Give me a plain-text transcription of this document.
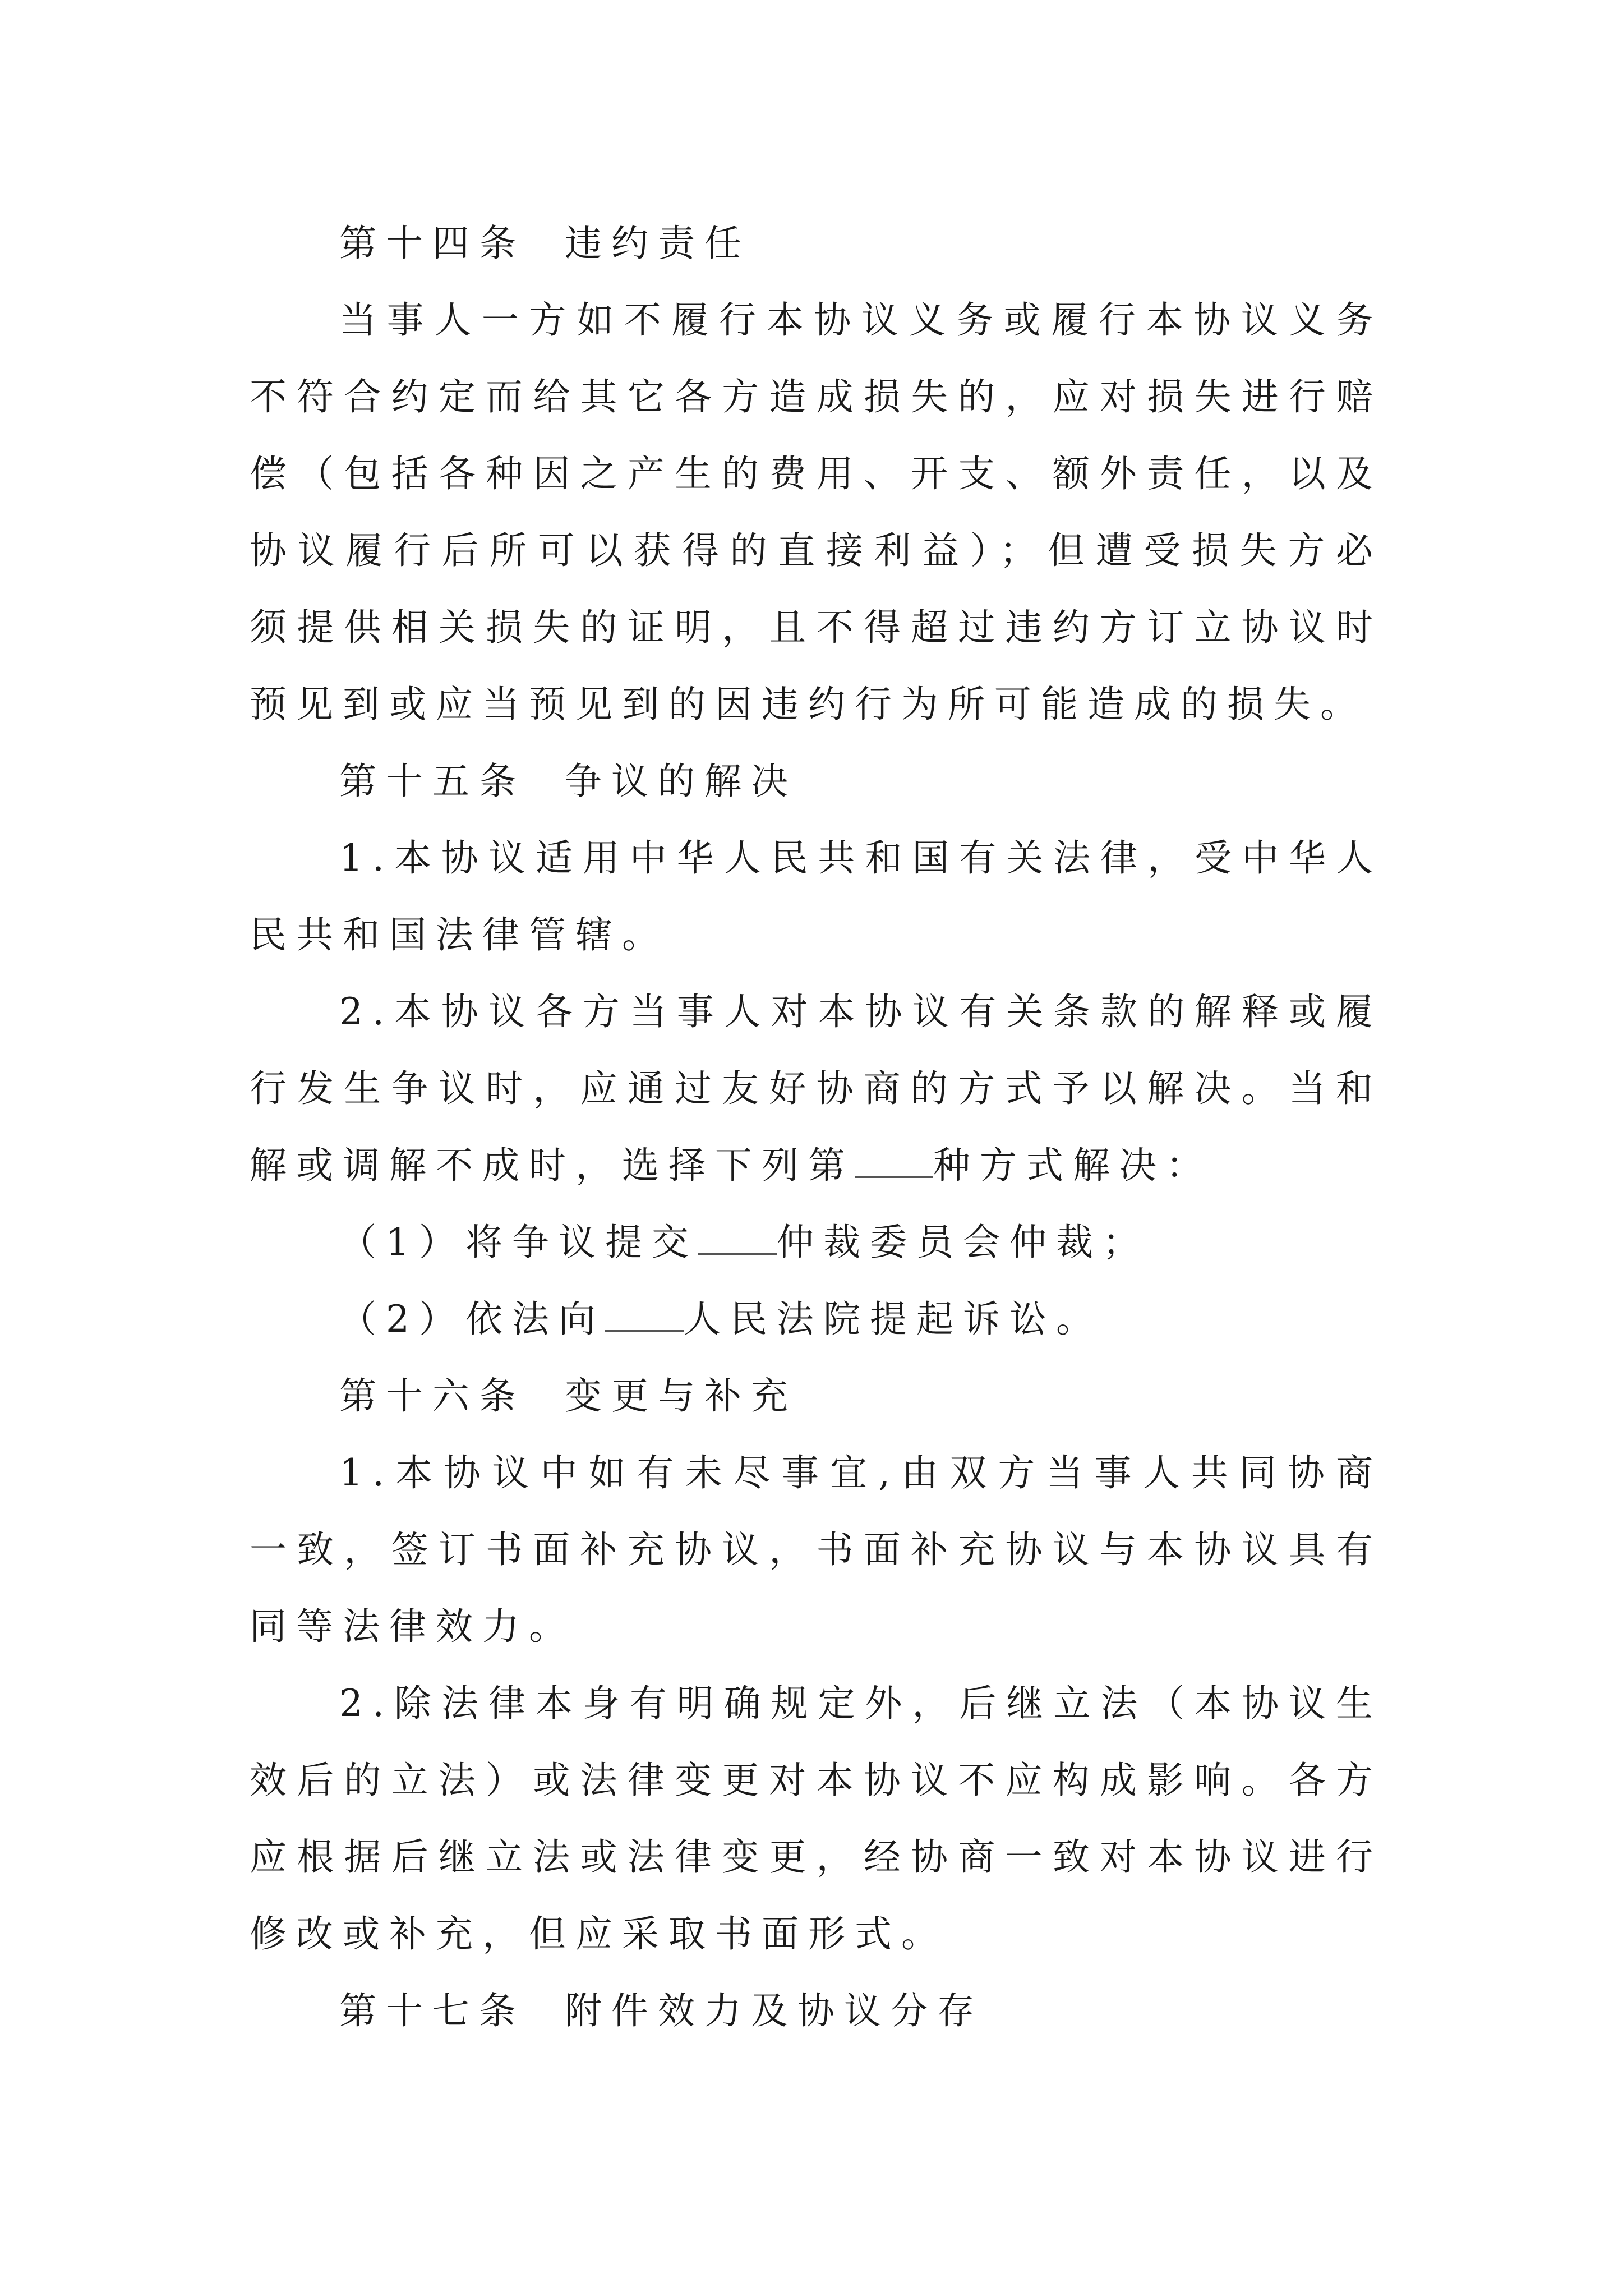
第十四条 违约责任

当事人一方如不履行本协议义务或履行本协议义务不符合约定而给其它各方造成损失的，应对损失进行赔偿（包括各种因之产生的费用、开支、额外责任，以及协议履行后所可以获得的直接利益）；但遭受损失方必须提供相关损失的证明，且不得超过违约方订立协议时预见到或应当预见到的因违约行为所可能造成的损失。

第十五条 争议的解决

1.本协议适用中华人民共和国有关法律，受中华人民共和国法律管辖。

2.本协议各方当事人对本协议有关条款的解释或履行发生争议时，应通过友好协商的方式予以解决。当和解或调解不成时，选择下列第 种方式解决：

（1）将争议提交 仲裁委员会仲裁；

（2）依法向 人民法院提起诉讼。

第十六条 变更与补充

1.本协议中如有未尽事宜,由双方当事人共同协商一致，签订书面补充协议，书面补充协议与本协议具有同等法律效力。

2.除法律本身有明确规定外，后继立法（本协议生效后的立法）或法律变更对本协议不应构成影响。各方应根据后继立法或法律变更，经协商一致对本协议进行修改或补充，但应采取书面形式。

第十七条 附件效力及协议分存
